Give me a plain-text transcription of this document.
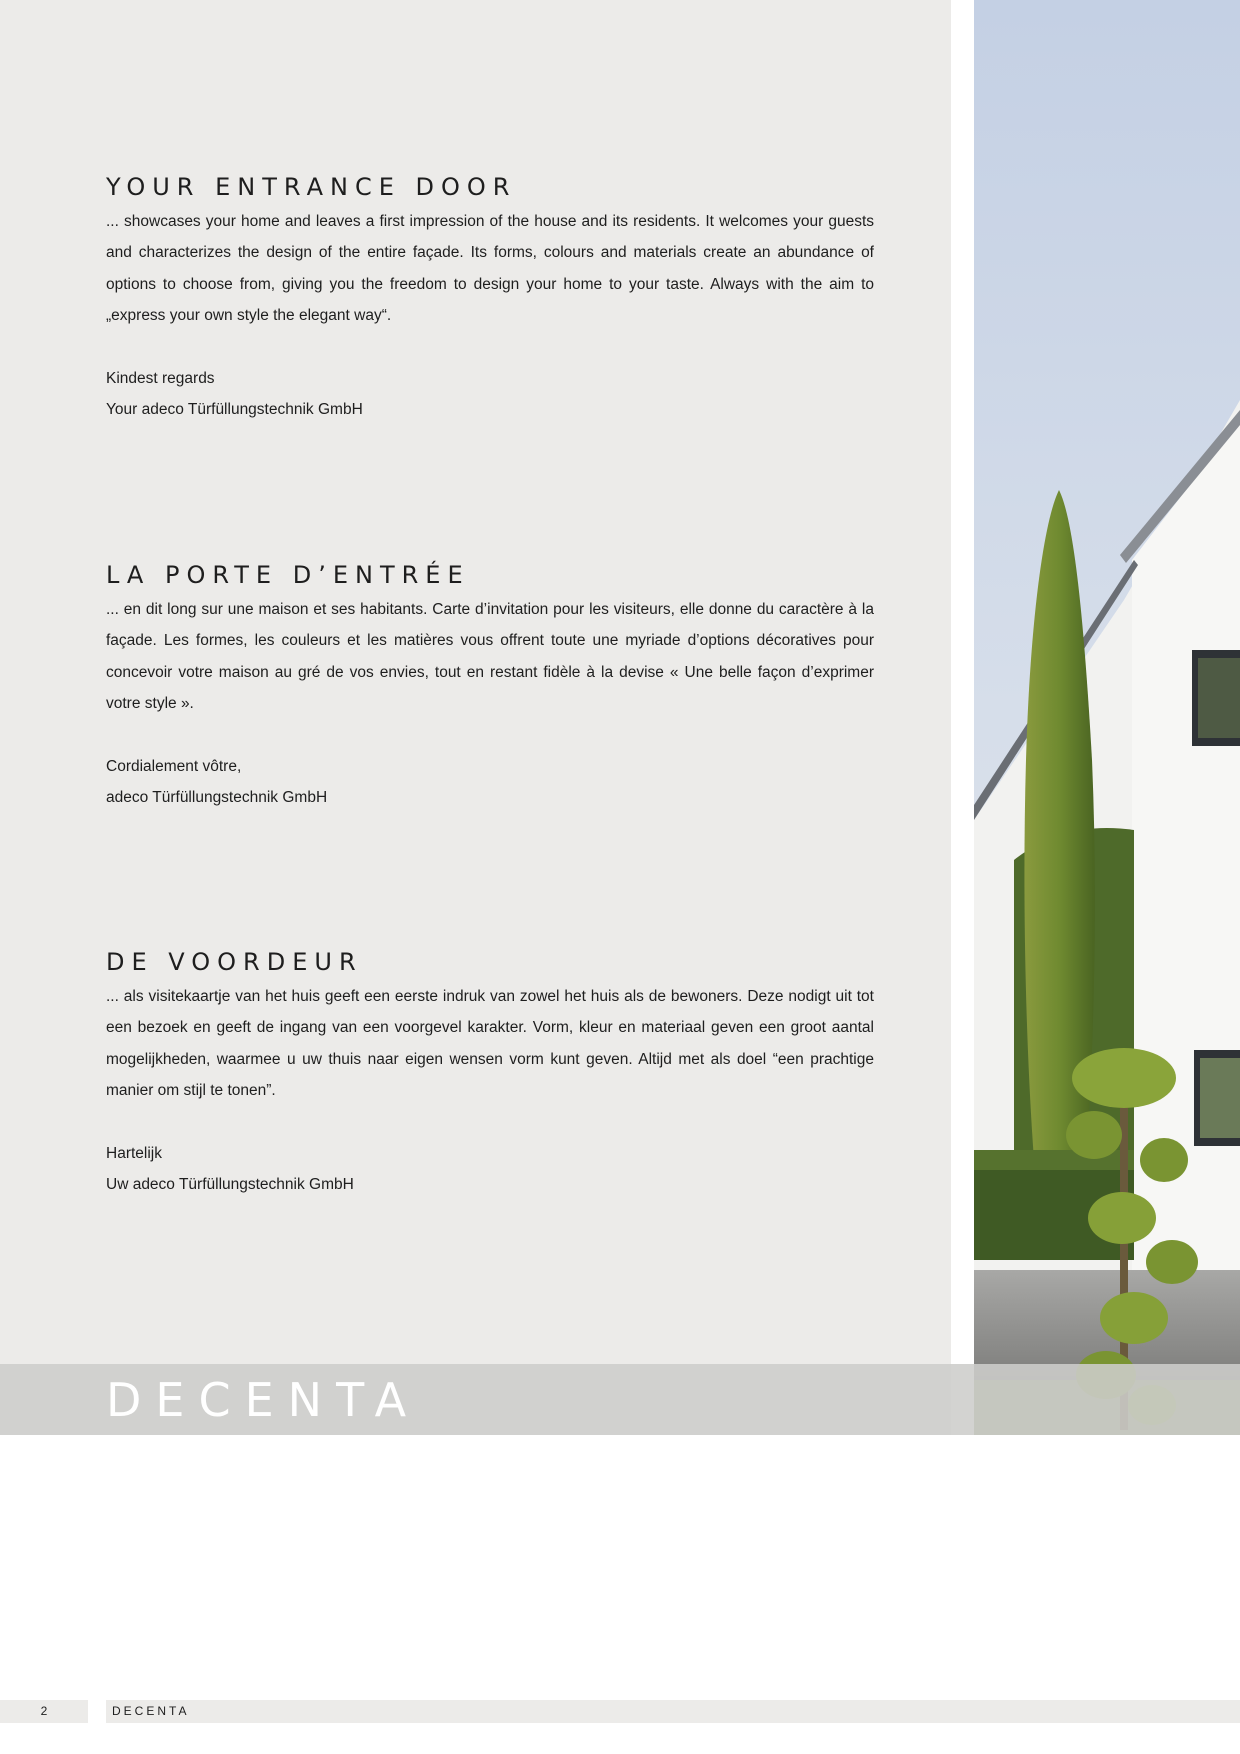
YOUR ENTRANCE DOOR

... showcases your home and leaves a first impression of the house and its residents. It welcomes your guests and characterizes the design of the entire façade. Its forms, colours and materials create an abundance of options to choose from, giving you the freedom to design your home to your taste. Always with the aim to „express your own style the elegant way“.

Kindest regards
Your adeco Türfüllungstechnik GmbH
LA PORTE D’ENTRÉE

... en dit long sur une maison et ses habitants. Carte d’invitation pour les visiteurs, elle donne du caractère à la façade. Les formes, les couleurs et les matières vous offrent toute une myriade d’options décoratives pour concevoir votre maison au gré de vos envies, tout en restant fidèle à la devise « Une belle façon d’exprimer votre style ».

Cordialement vôtre,
adeco Türfüllungstechnik GmbH
DE VOORDEUR

... als visitekaartje van het huis geeft een eerste indruk van zowel het huis als de bewoners. Deze nodigt uit tot een bezoek en geeft de ingang van een voorgevel karakter. Vorm, kleur en materiaal geven een groot aantal mogelijkheden, waarmee u uw thuis naar eigen wensen vorm kunt geven. Altijd met als doel “een prachtige manier om stijl te tonen”.

Hartelijk
Uw adeco Türfüllungstechnik GmbH
DECENTA
2	DECENTA
